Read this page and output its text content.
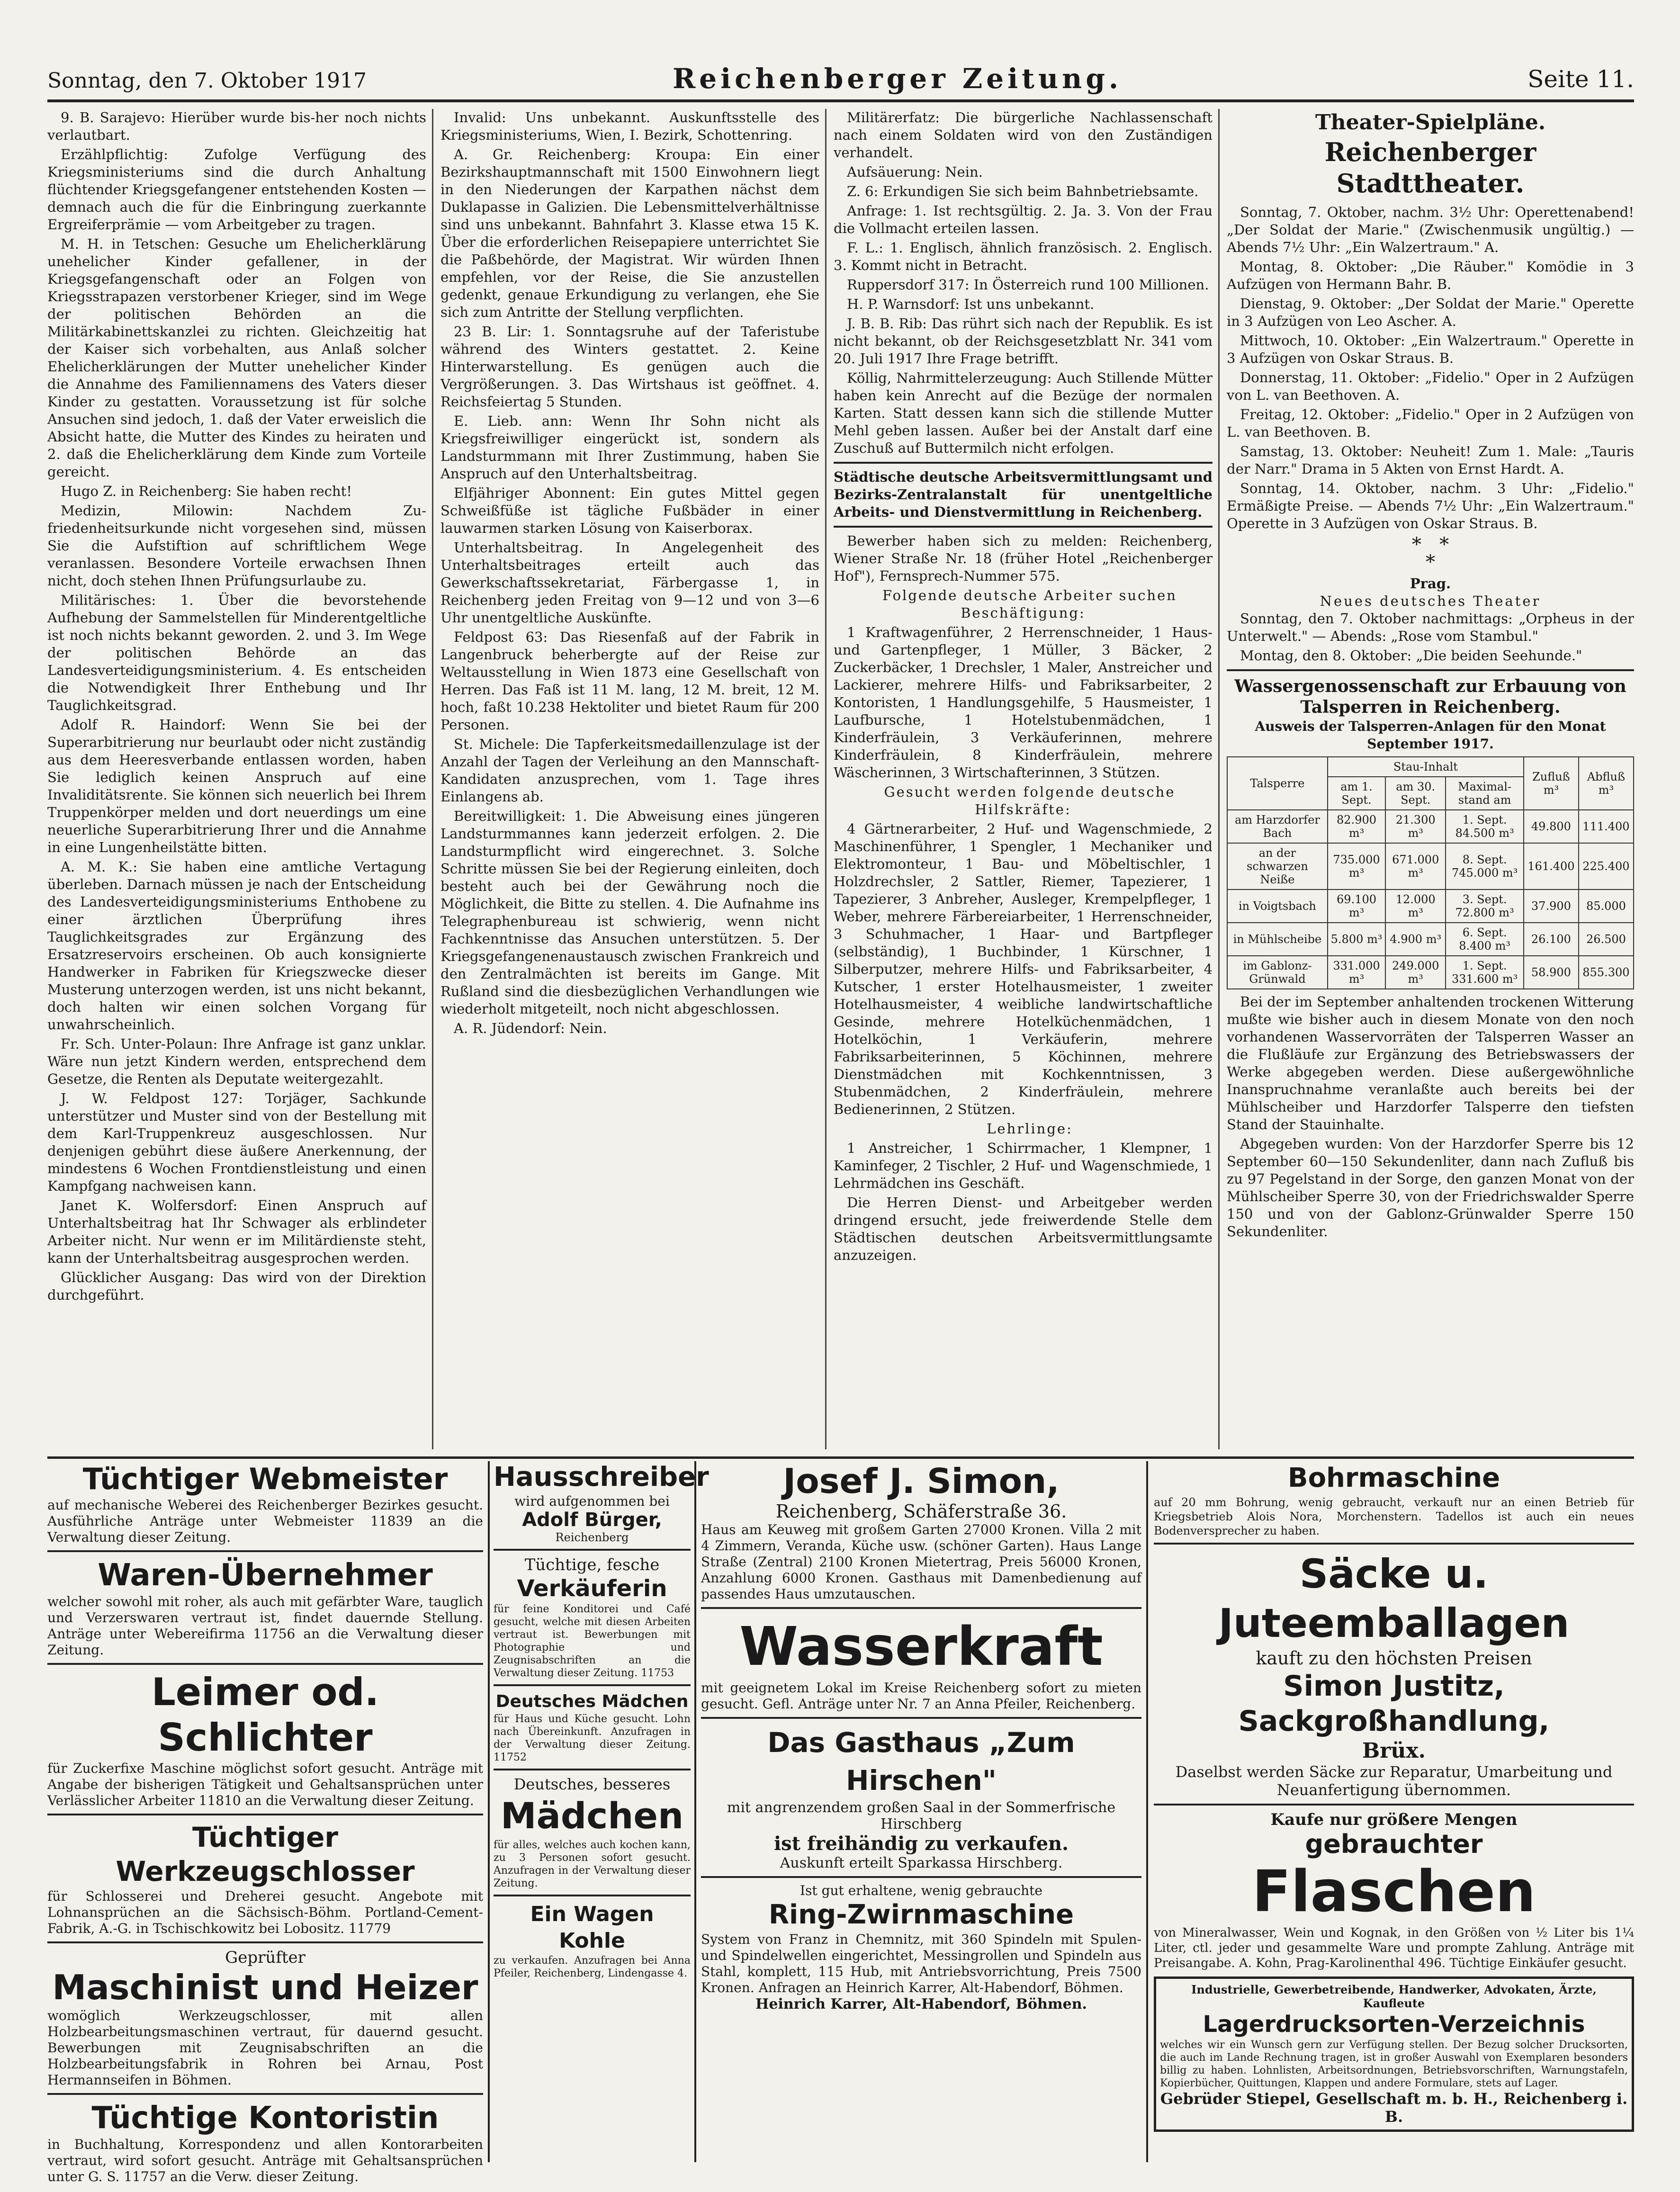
Sonntag, den 7. Oktober 1917	Reichenberger Zeitung.	Seite 11.

9. B. Sarajevo: Hierüber wurde bis-her noch nichts verlautbart.

Erzählpflichtig: Zufolge Verfügung des Kriegsministeriums sind die durch Anhaltung flüchtender Kriegsgefangener entstehenden Kosten — demnach auch die für die Einbringung zuerkannte Ergreiferprämie — vom Arbeitgeber zu tragen.

M. H. in Tetschen: Gesuche um Ehelicherklärung unehelicher Kinder gefallener, in der Kriegsgefangenschaft oder an Folgen von Kriegsstrapazen verstorbener Krieger, sind im Wege der politischen Behörden an die Militärkabinettskanzlei zu richten. Gleichzeitig hat der Kaiser sich vorbehalten, aus Anlaß solcher Ehelicherklärungen der Mutter unehelicher Kinder die Annahme des Familiennamens des Vaters dieser Kinder zu gestatten. Voraussetzung ist für solche Ansuchen sind jedoch, 1. daß der Vater erweislich die Absicht hatte, die Mutter des Kindes zu heiraten und 2. daß die Ehelicherklärung dem Kinde zum Vorteile gereicht.

Hugo Z. in Reichenberg: Sie haben recht!

Medizin, Milowin: Nachdem Zu-friedenheitsurkunde nicht vorgesehen sind, müssen Sie die Aufstiftion auf schriftlichem Wege veranlassen. Besondere Vorteile erwachsen Ihnen nicht, doch stehen Ihnen Prüfungsurlaube zu.

Militärisches: 1. Über die bevorstehende Aufhebung der Sammelstellen für Minderentgeltliche ist noch nichts bekannt geworden. 2. und 3. Im Wege der politischen Behörde an das Landesverteidigungsministerium. 4. Es entscheiden die Notwendigkeit Ihrer Enthebung und Ihr Tauglichkeitsgrad.

Adolf R. Haindorf: Wenn Sie bei der Superarbitrierung nur beurlaubt oder nicht zuständig aus dem Heeresverbande entlassen worden, haben Sie lediglich keinen Anspruch auf eine Invaliditätsrente. Sie können sich neuerlich bei Ihrem Truppenkörper melden und dort neuerdings um eine neuerliche Superarbitrierung Ihrer und die Annahme in eine Lungenheilstätte bitten.

A. M. K.: Sie haben eine amtliche Vertagung überleben. Darnach müssen je nach der Entscheidung des Landesverteidigungsministeriums Enthobene zu einer ärztlichen Überprüfung ihres Tauglichkeitsgrades zur Ergänzung des Ersatzreservoirs erscheinen. Ob auch konsignierte Handwerker in Fabriken für Kriegszwecke dieser Musterung unterzogen werden, ist uns nicht bekannt, doch halten wir einen solchen Vorgang für unwahrscheinlich.

Fr. Sch. Unter-Polaun: Ihre Anfrage ist ganz unklar. Wäre nun jetzt Kindern werden, entsprechend dem Gesetze, die Renten als Deputate weitergezahlt.

J. W. Feldpost 127: Torjäger, Sachkunde unterstützer und Muster sind von der Bestellung mit dem Karl-Truppenkreuz ausgeschlossen. Nur denjenigen gebührt diese äußere Anerkennung, der mindestens 6 Wochen Frontdienstleistung und einen Kampfgang nachweisen kann.

Janet K. Wolfersdorf: Einen Anspruch auf Unterhaltsbeitrag hat Ihr Schwager als erblindeter Arbeiter nicht. Nur wenn er im Militärdienste steht, kann der Unterhaltsbeitrag ausgesprochen werden.

Glücklicher Ausgang: Das wird von der Direktion durchgeführt.

Invalid: Uns unbekannt. Auskunftsstelle des Kriegsministeriums, Wien, I. Bezirk, Schottenring.

A. Gr. Reichenberg: Kroupa: Ein einer Bezirkshauptmannschaft mit 1500 Einwohnern liegt in den Niederungen der Karpathen nächst dem Duklapasse in Galizien. Die Lebensmittelverhältnisse sind uns unbekannt. Bahnfahrt 3. Klasse etwa 15 K. Über die erforderlichen Reisepapiere unterrichtet Sie die Paßbehörde, der Magistrat. Wir würden Ihnen empfehlen, vor der Reise, die Sie anzustellen gedenkt, genaue Erkundigung zu verlangen, ehe Sie sich zum Antritte der Stellung verpflichten.

23 B. Lir: 1. Sonntagsruhe auf der Taferistube während des Winters gestattet. 2. Keine Hinterwarstellung. Es genügen auch die Vergrößerungen. 3. Das Wirtshaus ist geöffnet. 4. Reichsfeiertag 5 Stunden.

E. Lieb. ann: Wenn Ihr Sohn nicht als Kriegsfreiwilliger eingerückt ist, sondern als Landsturmmann mit Ihrer Zustimmung, haben Sie Anspruch auf den Unterhaltsbeitrag.

Elfjähriger Abonnent: Ein gutes Mittel gegen Schweißfüße ist tägliche Fußbäder in einer lauwarmen starken Lösung von Kaiserborax.

Unterhaltsbeitrag. In Angelegenheit des Unterhaltsbeitrages erteilt auch das Gewerkschaftssekretariat, Färbergasse 1, in Reichenberg jeden Freitag von 9—12 und von 3—6 Uhr unentgeltliche Auskünfte.

Feldpost 63: Das Riesenfaß auf der Fabrik in Langenbruck beherbergte auf der Reise zur Weltausstellung in Wien 1873 eine Gesellschaft von Herren. Das Faß ist 11 M. lang, 12 M. breit, 12 M. hoch, faßt 10.238 Hektoliter und bietet Raum für 200 Personen.

St. Michele: Die Tapferkeitsmedaillenzulage ist der Anzahl der Tagen der Verleihung an den Mannschaft-Kandidaten anzusprechen, vom 1. Tage ihres Einlangens ab.

Bereitwilligkeit: 1. Die Abweisung eines jüngeren Landsturmmannes kann jederzeit erfolgen. 2. Die Landsturmpflicht wird eingerechnet. 3. Solche Schritte müssen Sie bei der Regierung einleiten, doch besteht auch bei der Gewährung noch die Möglichkeit, die Bitte zu stellen. 4. Die Aufnahme ins Telegraphenbureau ist schwierig, wenn nicht Fachkenntnisse das Ansuchen unterstützen. 5. Der Kriegsgefangenenaustausch zwischen Frankreich und den Zentralmächten ist bereits im Gange. Mit Rußland sind die diesbezüglichen Verhandlungen wie wiederholt mitgeteilt, noch nicht abgeschlossen.

A. R. Jüdendorf: Nein.

Militärerfatz: Die bürgerliche Nachlassenschaft nach einem Soldaten wird von den Zuständigen verhandelt.

Aufsäuerung: Nein.

Z. 6: Erkundigen Sie sich beim Bahnbetriebsamte.

Anfrage: 1. Ist rechtsgültig. 2. Ja. 3. Von der Frau die Vollmacht erteilen lassen.

F. L.: 1. Englisch, ähnlich französisch. 2. Englisch. 3. Kommt nicht in Betracht.

Ruppersdorf 317: In Österreich rund 100 Millionen.

H. P. Warnsdorf: Ist uns unbekannt.

J. B. B. Rib: Das rührt sich nach der Republik. Es ist nicht bekannt, ob der Reichsgesetzblatt Nr. 341 vom 20. Juli 1917 Ihre Frage betrifft.

Köllig, Nahrmittelerzeugung: Auch Stillende Mütter haben kein Anrecht auf die Bezüge der normalen Karten. Statt dessen kann sich die stillende Mutter Mehl geben lassen. Außer bei der Anstalt darf eine Zuschuß auf Buttermilch nicht erfolgen.

Städtische deutsche Arbeitsvermittlungsamt und Bezirks-Zentralanstalt für unentgeltliche Arbeits- und Dienstvermittlung in Reichenberg.

Bewerber haben sich zu melden: Reichenberg, Wiener Straße Nr. 18 (früher Hotel „Reichenberger Hof"), Fernsprech-Nummer 575.

Folgende deutsche Arbeiter suchen Beschäftigung:

1 Kraftwagenführer, 2 Herrenschneider, 1 Haus- und Gartenpfleger, 1 Müller, 3 Bäcker, 2 Zuckerbäcker, 1 Drechsler, 1 Maler, Anstreicher und Lackierer, mehrere Hilfs- und Fabriksarbeiter, 2 Kontoristen, 1 Handlungsgehilfe, 5 Hausmeister, 1 Laufbursche, 1 Hotelstubenmädchen, 1 Kinderfräulein, 3 Verkäuferinnen, mehrere Kinderfräulein, 8 Kinderfräulein, mehrere Wäscherinnen, 3 Wirtschafterinnen, 3 Stützen.

Gesucht werden folgende deutsche Hilfskräfte:

4 Gärtnerarbeiter, 2 Huf- und Wagenschmiede, 2 Maschinenführer, 1 Spengler, 1 Mechaniker und Elektromonteur, 1 Bau- und Möbeltischler, 1 Holzdrechsler, 2 Sattler, Riemer, Tapezierer, 1 Tapezierer, 3 Anbreher, Ausleger, Krempelpfleger, 1 Weber, mehrere Färbereiarbeiter, 1 Herrenschneider, 3 Schuhmacher, 1 Haar- und Bartpfleger (selbständig), 1 Buchbinder, 1 Kürschner, 1 Silberputzer, mehrere Hilfs- und Fabriksarbeiter, 4 Kutscher, 1 erster Hotelhausmeister, 1 zweiter Hotelhausmeister, 4 weibliche landwirtschaftliche Gesinde, mehrere Hotelküchenmädchen, 1 Hotelköchin, 1 Verkäuferin, mehrere Fabriksarbeiterinnen, 5 Köchinnen, mehrere Dienstmädchen mit Kochkenntnissen, 3 Stubenmädchen, 2 Kinderfräulein, mehrere Bedienerinnen, 2 Stützen.

Lehrlinge:

1 Anstreicher, 1 Schirrmacher, 1 Klempner, 1 Kaminfeger, 2 Tischler, 2 Huf- und Wagenschmiede, 1 Lehrmädchen ins Geschäft.

Die Herren Dienst- und Arbeitgeber werden dringend ersucht, jede freiwerdende Stelle dem Städtischen deutschen Arbeitsvermittlungsamte anzuzeigen.

Theater-Spielpläne.
Reichenberger Stadttheater.

Sonntag, 7. Oktober, nachm. 3½ Uhr: Operettenabend! „Der Soldat der Marie." (Zwischenmusik ungültig.) — Abends 7½ Uhr: „Ein Walzertraum." A.

Montag, 8. Oktober: „Die Räuber." Komödie in 3 Aufzügen von Hermann Bahr. B.

Dienstag, 9. Oktober: „Der Soldat der Marie." Operette in 3 Aufzügen von Leo Ascher. A.

Mittwoch, 10. Oktober: „Ein Walzertraum." Operette in 3 Aufzügen von Oskar Straus. B.

Donnerstag, 11. Oktober: „Fidelio." Oper in 2 Aufzügen von L. van Beethoven. A.

Freitag, 12. Oktober: „Fidelio." Oper in 2 Aufzügen von L. van Beethoven. B.

Samstag, 13. Oktober: Neuheit! Zum 1. Male: „Tauris der Narr." Drama in 5 Akten von Ernst Hardt. A.

Sonntag, 14. Oktober, nachm. 3 Uhr: „Fidelio." Ermäßigte Preise. — Abends 7½ Uhr: „Ein Walzertraum." Operette in 3 Aufzügen von Oskar Straus. B.

*   *
*
Prag.
Neues deutsches Theater

Sonntag, den 7. Oktober nachmittags: „Orpheus in der Unterwelt." — Abends: „Rose vom Stambul."

Montag, den 8. Oktober: „Die beiden Seehunde."

Wassergenossenschaft zur Erbauung von Talsperren in Reichenberg.
Ausweis der Talsperren-Anlagen für den Monat September 1917.
Talsperre	Stau-Inhalt			Zufluß m³	Abfluß m³
	am 1. Sept.	am 30. Sept.	Maximal-stand am		
am Harzdorfer Bach	82.900 m³	21.300 m³	1. Sept. 84.500 m³	49.800	111.400
an der schwarzen Neiße	735.000 m³	671.000 m³	8. Sept. 745.000 m³	161.400	225.400
in Voigtsbach	69.100 m³	12.000 m³	3. Sept. 72.800 m³	37.900	85.000
in Mühlscheibe	5.800 m³	4.900 m³	6. Sept. 8.400 m³	26.100	26.500
im Gablonz-Grünwald	331.000 m³	249.000 m³	1. Sept. 331.600 m³	58.900	855.300

Bei der im September anhaltenden trockenen Witterung mußte wie bisher auch in diesem Monate von den noch vorhandenen Wasservorräten der Talsperren Wasser an die Flußläufe zur Ergänzung des Betriebswassers der Werke abgegeben werden. Diese außergewöhnliche Inanspruchnahme veranlaßte auch bereits bei der Mühlscheiber und Harzdorfer Talsperre den tiefsten Stand der Stauinhalte.

Abgegeben wurden: Von der Harzdorfer Sperre bis 12 September 60—150 Sekundenliter, dann nach Zufluß bis zu 97 Pegelstand in der Sorge, den ganzen Monat von der Mühlscheiber Sperre 30, von der Friedrichswalder Sperre 150 und von der Gablonz-Grünwalder Sperre 150 Sekundenliter.

Tüchtiger Webmeister
auf mechanische Weberei des Reichenberger Bezirkes gesucht. Ausführliche Anträge unter Webmeister 11839 an die Verwaltung dieser Zeitung.
Waren-Übernehmer
welcher sowohl mit roher, als auch mit gefärbter Ware, tauglich und Verzerswaren vertraut ist, findet dauernde Stellung. Anträge unter Webereifirma 11756 an die Verwaltung dieser Zeitung.
Leimer od. Schlichter
für Zuckerfixe Maschine möglichst sofort gesucht. Anträge mit Angabe der bisherigen Tätigkeit und Gehaltsansprüchen unter Verlässlicher Arbeiter 11810 an die Verwaltung dieser Zeitung.
Tüchtiger Werkzeugschlosser
für Schlosserei und Dreherei gesucht. Angebote mit Lohnansprüchen an die Sächsisch-Böhm. Portland-Cement-Fabrik, A.-G. in Tschischkowitz bei Lobositz. 11779
Geprüfter
Maschinist und Heizer
womöglich Werkzeugschlosser, mit allen Holzbearbeitungsmaschinen vertraut, für dauernd gesucht. Bewerbungen mit Zeugnisabschriften an die Holzbearbeitungsfabrik in Rohren bei Arnau, Post Hermannseifen in Böhmen.
Tüchtige Kontoristin
in Buchhaltung, Korrespondenz und allen Kontorarbeiten vertraut, wird sofort gesucht. Anträge mit Gehaltsansprüchen unter G. S. 11757 an die Verw. dieser Zeitung.
Hausschreiber
wird aufgenommen bei
Adolf Bürger,
Reichenberg
Tüchtige, fesche
Verkäuferin
für feine Konditorei und Café gesucht, welche mit diesen Arbeiten vertraut ist. Bewerbungen mit Photographie und Zeugnisabschriften an die Verwaltung dieser Zeitung. 11753
Deutsches Mädchen
für Haus und Küche gesucht. Lohn nach Übereinkunft. Anzufragen in der Verwaltung dieser Zeitung. 11752
Deutsches, besseres
Mädchen
für alles, welches auch kochen kann, zu 3 Personen sofort gesucht. Anzufragen in der Verwaltung dieser Zeitung.
Ein Wagen Kohle
zu verkaufen. Anzufragen bei Anna Pfeiler, Reichenberg, Lindengasse 4.
Josef J. Simon,
Reichenberg, Schäferstraße 36.
Haus am Keuweg mit großem Garten 27000 Kronen. Villa 2 mit 4 Zimmern, Veranda, Küche usw. (schöner Garten). Haus Lange Straße (Zentral) 2100 Kronen Mietertrag, Preis 56000 Kronen, Anzahlung 6000 Kronen. Gasthaus mit Damenbedienung auf passendes Haus umzutauschen.
Wasserkraft
mit geeignetem Lokal im Kreise Reichenberg sofort zu mieten gesucht. Gefl. Anträge unter Nr. 7 an Anna Pfeiler, Reichenberg.
Das Gasthaus „Zum Hirschen"
mit angrenzendem großen Saal in der Sommerfrische Hirschberg
ist freihändig zu verkaufen.
Auskunft erteilt Sparkassa Hirschberg.
Ist gut erhaltene, wenig gebrauchte
Ring-Zwirnmaschine
System von Franz in Chemnitz, mit 360 Spindeln mit Spulen- und Spindelwellen eingerichtet, Messingrollen und Spindeln aus Stahl, komplett, 115 Hub, mit Antriebsvorrichtung, Preis 7500 Kronen. Anfragen an Heinrich Karrer, Alt-Habendorf, Böhmen.
Heinrich Karrer, Alt-Habendorf, Böhmen.
Bohrmaschine
auf 20 mm Bohrung, wenig gebraucht, verkauft nur an einen Betrieb für Kriegsbetrieb Alois Nora, Morchenstern. Tadellos ist auch ein neues Bodenversprecher zu haben.
Säcke u. Juteemballagen
kauft zu den höchsten Preisen
Simon Justitz, Sackgroßhandlung,
Brüx.
Daselbst werden Säcke zur Reparatur, Umarbeitung und Neuanfertigung übernommen.
Kaufe nur größere Mengen
gebrauchter
Flaschen
von Mineralwasser, Wein und Kognak, in den Größen von ½ Liter bis 1¼ Liter, ctl. jeder und gesammelte Ware und prompte Zahlung. Anträge mit Preisangabe. A. Kohn, Prag-Karolinenthal 496. Tüchtige Einkäufer gesucht.
Industrielle, Gewerbetreibende, Handwerker, Advokaten, Ärzte, Kaufleute
Lagerdrucksorten-Verzeichnis
welches wir ein Wunsch gern zur Verfügung stellen. Der Bezug solcher Drucksorten, die auch im Lande Rechnung tragen, ist in großer Auswahl von Exemplaren besonders billig zu haben. Lohnlisten, Arbeitsordnungen, Betriebsvorschriften, Warnungstafeln, Kopierbücher, Quittungen, Klappen und andere Formulare, stets auf Lager.
Gebrüder Stiepel, Gesellschaft m. b. H., Reichenberg i. B.
